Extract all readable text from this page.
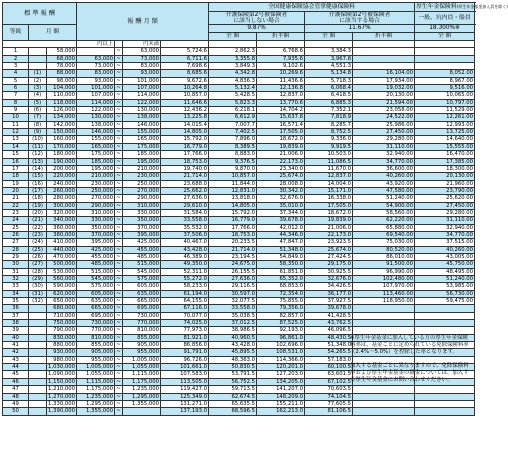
標 準 報 酬			報 酬 月 額				全国健康保険協会管掌健康保険料				厚生年金保険料(厚生年金基金加入員を除く)	
							介護保険第2号被保険者
に該当しない場合		介護保険第2号被保険者
に該当する場合		一般、坑内員・船員	
等級	月 額						9.87%		11.67%		18.300%※	
							全 額	折半額	全 額	折半額	全 額	
			円以上		円未満							
1		58,000		~	63,000	5,724.6	2,862.3	6,768.6	3,384.3			
2		68,000	63,000	~	73,000	6,711.6	3,355.8	7,935.6	3,967.8			
3		78,000	73,000	~	83,000	7,698.6	3,849.3	9,102.6	4,551.3			
4	(1)	88,000	83,000	~	93,000	8,685.6	4,342.8	10,269.6	5,134.8	16,104.00	8,052.00	
5	(2)	98,000	93,000	~	101,000	9,672.6	4,836.3	11,436.6	5,718.3	17,934.00	8,967.00	
6	(3)	104,000	101,000	~	107,000	10,264.8	5,132.4	12,136.8	6,068.4	19,032.00	9,516.00	
7	(4)	110,000	107,000	~	114,000	10,857.0	5,428.5	12,837.0	6,418.5	20,130.00	10,065.00	
8	(5)	118,000	114,000	~	122,000	11,646.6	5,823.3	13,770.6	6,885.3	21,594.00	10,797.00	
9	(6)	126,000	122,000	~	130,000	12,436.2	6,218.1	14,704.2	7,352.1	23,058.00	11,529.00	
10	(7)	134,000	130,000	~	138,000	13,225.8	6,612.9	15,637.8	7,818.9	24,522.00	12,261.00	
11	(8)	142,000	138,000	~	146,000	14,015.4	7,007.7	16,571.4	8,285.7	25,986.00	12,993.00	
12	(9)	150,000	146,000	~	155,000	14,805.0	7,402.5	17,505.0	8,752.5	27,450.00	13,725.00	
13	(10)	160,000	155,000	~	165,000	15,792.0	7,896.0	18,672.0	9,336.0	29,280.00	14,640.00	
14	(11)	170,000	165,000	~	175,000	16,779.0	8,389.5	19,839.0	9,919.5	31,110.00	15,555.00	
15	(12)	180,000	175,000	~	185,000	17,766.0	8,883.0	21,006.0	10,503.0	32,940.00	16,470.00	
16	(13)	190,000	185,000	~	195,000	18,753.0	9,376.5	22,173.0	11,086.5	34,770.00	17,385.00	
17	(14)	200,000	195,000	~	210,000	19,740.0	9,870.0	23,340.0	11,670.0	36,600.00	18,300.00	
18	(15)	220,000	210,000	~	230,000	21,714.0	10,857.0	25,674.0	12,837.0	40,260.00	20,130.00	
19	(16)	240,000	230,000	~	250,000	23,688.0	11,844.0	28,008.0	14,004.0	43,920.00	21,960.00	
20	(17)	260,000	250,000	~	270,000	25,662.0	12,831.0	30,342.0	15,171.0	47,580.00	23,790.00	
21	(18)	280,000	270,000	~	290,000	27,636.0	13,818.0	32,676.0	16,338.0	51,240.00	25,620.00	
22	(19)	300,000	290,000	~	310,000	29,610.0	14,805.0	35,010.0	17,505.0	54,900.00	27,450.00	
23	(20)	320,000	310,000	~	330,000	31,584.0	15,792.0	37,344.0	18,672.0	58,560.00	29,280.00	
24	(21)	340,000	330,000	~	350,000	33,558.0	16,779.0	39,678.0	19,839.0	62,220.00	31,110.00	
25	(22)	360,000	350,000	~	370,000	35,532.0	17,766.0	42,012.0	21,006.0	65,880.00	32,940.00	
26	(23)	380,000	370,000	~	395,000	37,506.0	18,753.0	44,346.0	22,173.0	69,540.00	34,770.00	
27	(24)	410,000	395,000	~	425,000	40,467.0	20,233.5	47,847.0	23,923.5	75,030.00	37,515.00	
28	(25)	440,000	425,000	~	455,000	43,428.0	21,714.0	51,348.0	25,674.0	80,520.00	40,260.00	
29	(26)	470,000	455,000	~	485,000	46,389.0	23,194.5	54,849.0	27,424.5	86,010.00	43,005.00	
30	(27)	500,000	485,000	~	515,000	49,350.0	24,675.0	58,350.0	29,175.0	91,500.00	45,750.00	
31	(28)	530,000	515,000	~	545,000	52,311.0	26,155.5	61,851.0	30,925.5	96,990.00	48,495.00	
32	(29)	560,000	545,000	~	575,000	55,272.0	27,636.0	65,352.0	32,676.0	102,480.00	51,240.00	
33	(30)	590,000	575,000	~	605,000	58,233.0	29,116.5	68,853.0	34,426.5	107,970.00	53,985.00	
34	(31)	620,000	605,000	~	635,000	61,194.0	30,597.0	72,354.0	36,177.0	113,460.00	56,730.00	
35	(32)	650,000	635,000	~	665,000	64,155.0	32,077.5	75,855.0	37,927.5	118,950.00	59,475.00	
36		680,000	665,000	~	695,000	67,116.0	33,558.0	79,356.0	39,678.0			
37		710,000	695,000	~	730,000	70,077.0	35,038.5	82,857.0	41,428.5			
38		750,000	730,000	~	770,000	74,025.0	37,012.5	87,525.0	43,762.5			
39		790,000	770,000	~	810,000	77,973.0	38,986.5	92,193.0	46,096.5			
40		830,000	810,000	~	855,000	81,921.0	40,960.5	96,861.0	48,430.5			
41		880,000	855,000	~	905,000	86,856.0	43,428.0	102,696.0	51,348.0			
42		930,000	905,000	~	955,000	91,791.0	45,895.5	108,531.0	54,265.5			
43		980,000	955,000	~	1,005,000	96,726.0	48,363.0	114,366.0	57,183.0			
44		1,030,000	1,005,000	~	1,055,000	101,661.0	50,830.5	120,201.0	60,100.5			
45		1,090,000	1,055,000	~	1,115,000	107,583.0	53,791.5	127,203.0	63,601.5			
46		1,150,000	1,115,000	~	1,175,000	113,505.0	56,752.5	134,205.0	67,102.5			
47		1,210,000	1,175,000	~	1,235,000	119,427.0	59,713.5	141,207.0	70,603.5			
48		1,270,000	1,235,000	~	1,295,000	125,349.0	62,674.5	148,209.0	74,104.5			
49		1,330,000	1,295,000	~	1,355,000	131,271.0	65,635.5	155,211.0	77,605.5			
50		1,390,000	1,355,000	~		137,193.0	68,596.5	162,213.0	81,106.5			

※厚生年金基金に加入している方の厚生年金保険料率は、基金ごとに定められている免除保険料率（2.4%～5.0%）を控除した率となります。

加入する基金ごとに異なりますので、免除保険料率および厚生年金基金の掛金については、加入する厚生年金基金にお問い合わせください。
